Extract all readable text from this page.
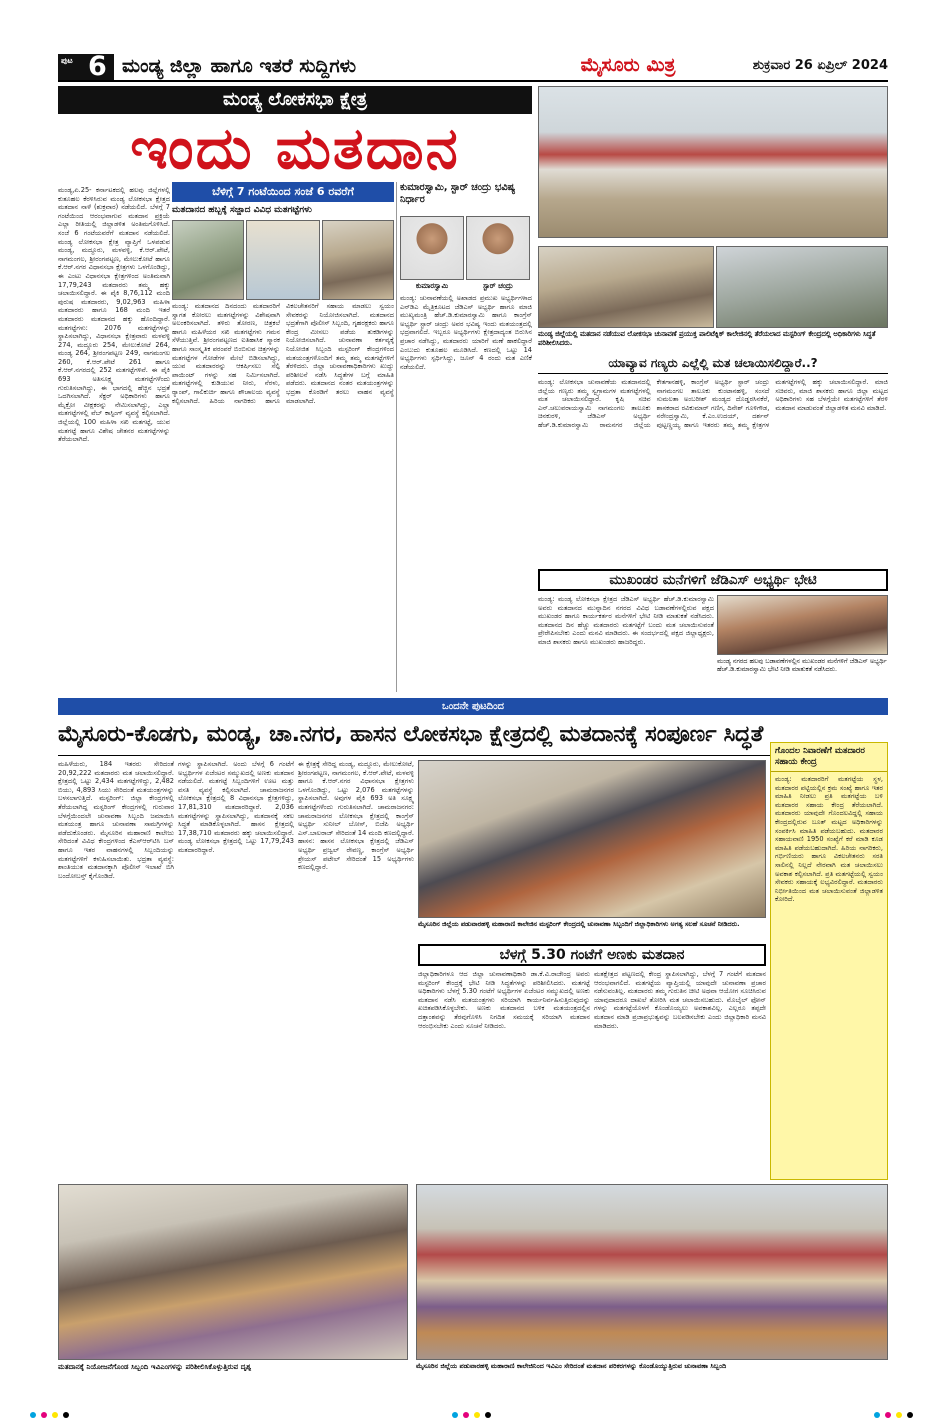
ಪುಟ 6 ಮಂಡ್ಯ ಜಿಲ್ಲಾ ಹಾಗೂ ಇತರೆ ಸುದ್ದಿಗಳು	ಮೈಸೂರು ಮಿತ್ರ	ಶುಕ್ರವಾರ 26 ಏಪ್ರಿಲ್ 2024
ಮಂಡ್ಯ ಲೋಕಸಭಾ ಕ್ಷೇತ್ರ
ಇಂದು ಮತದಾನ
ಮಂಡ್ಯ,ಏ.25- ಕರ್ನಾಟಕದಲ್ಲಿ ಹಲವು ಜಿಲ್ಲೆಗಳಲ್ಲಿ ಕುತೂಹಲ ಕೆರಳಿಸಿರುವ ಮಂಡ್ಯ ಲೋಕಸಭಾ ಕ್ಷೇತ್ರದ ಮತದಾನ ನಾಳೆ (ಶುಕ್ರವಾರ) ನಡೆಯಲಿದೆ. ಬೆಳಗ್ಗೆ 7 ಗಂಟೆಯಿಂದ ಆರಂಭವಾಗುವ ಮತದಾನ ಪ್ರಕ್ರಿಯೆ ಎಲ್ಲಾ ರೀತಿಯಲ್ಲಿ ಜಿಲ್ಲಾಡಳಿತ ಅಂತಿಮಗೊಳಿಸಿದೆ. ಸಂಜೆ 6 ಗಂಟೆಯವರೆಗೆ ಮತದಾನ ನಡೆಯಲಿದೆ. ಮಂಡ್ಯ ಲೋಕಸಭಾ ಕ್ಷೇತ್ರ ವ್ಯಾಪ್ತಿಗೆ ಒಳಪಡುವ ಮಂಡ್ಯ, ಮದ್ದೂರು, ಮಳವಳ್ಳಿ, ಕೆ.ಆರ್.ಪೇಟೆ, ನಾಗಮಂಗಲ, ಶ್ರೀರಂಗಪಟ್ಟಣ, ಮೇಲುಕೋಟೆ ಹಾಗೂ ಕೆ.ಆರ್.ನಗರ ವಿಧಾನಸಭಾ ಕ್ಷೇತ್ರಗಳು ಒಳಗೊಂಡಿದ್ದು, ಈ ಎಂಟು ವಿಧಾನಸಭಾ ಕ್ಷೇತ್ರಗಳಿಂದ ಅಂತಿಮವಾಗಿ 17,79,243 ಮತದಾರರು ತಮ್ಮ ಹಕ್ಕು ಚಲಾಯಿಸಲಿದ್ದಾರೆ. ಈ ಪೈಕಿ 8,76,112 ಮಂದಿ ಪುರುಷ ಮತದಾರರು, 9,02,963 ಮಹಿಳಾ ಮತದಾರರು ಹಾಗೂ 168 ಮಂದಿ ಇತರೆ ಮತದಾರರು ಮತದಾನದ ಹಕ್ಕು ಹೊಂದಿದ್ದಾರೆ. ಮತಗಟ್ಟೆಗಳು: 2076 ಮತಗಟ್ಟೆಗಳನ್ನು ಸ್ಥಾಪಿಸಲಾಗಿದ್ದು, ವಿಧಾನಸಭಾ ಕ್ಷೇತ್ರವಾರು ಮಳವಳ್ಳಿ 274, ಮದ್ದೂರು 254, ಮೇಲುಕೋಟೆ 264, ಮಂಡ್ಯ 264, ಶ್ರೀರಂಗಪಟ್ಟಣ 249, ನಾಗಮಂಗಲ 260, ಕೆ.ಆರ್.ಪೇಟೆ 261 ಹಾಗೂ ಕೆ.ಆರ್.ನಗರದಲ್ಲಿ 252 ಮತಗಟ್ಟೆಗಳಿವೆ. ಈ ಪೈಕಿ 693 ಅತಿಸೂಕ್ಷ್ಮ ಮತಗಟ್ಟೆಗಳೆಂದು ಗುರುತಿಸಲಾಗಿದ್ದು, ಈ ಭಾಗದಲ್ಲಿ ಹೆಚ್ಚಿನ ಭದ್ರತೆ ಒದಗಿಸಲಾಗಿದೆ. ಸೆಕ್ಟರ್ ಅಧಿಕಾರಿಗಳು ಹಾಗೂ ಮೈಕ್ರೋ ವೀಕ್ಷಕರನ್ನು ನೇಮಿಸಲಾಗಿದ್ದು, ಎಲ್ಲಾ ಮತಗಟ್ಟೆಗಳಲ್ಲಿ ವೆಬ್ ಕಾಸ್ಟಿಂಗ್ ವ್ಯವಸ್ಥೆ ಕಲ್ಪಿಸಲಾಗಿದೆ. ಜಿಲ್ಲೆಯಲ್ಲಿ 100 ಮಹಿಳಾ ಸಖಿ ಮತಗಟ್ಟೆ, ಯುವ ಮತಗಟ್ಟೆ ಹಾಗೂ ವಿಶೇಷ ಚೇತನರ ಮತಗಟ್ಟೆಗಳನ್ನು ತೆರೆಯಲಾಗಿದೆ.
ಬೆಳಿಗ್ಗೆ 7 ಗಂಟೆಯಿಂದ ಸಂಜೆ 6 ರವರೆಗೆ
ಮತದಾನದ ಹಬ್ಬಕ್ಕೆ ಸಜ್ಜಾದ ವಿವಿಧ ಮತಗಟ್ಟೆಗಳು
ಮಂಡ್ಯ: ಮತದಾನದ ದಿನದಂದು ಮತದಾರರಿಗೆ ಸ್ವಾಗತ ಕೋರಲು ಮತಗಟ್ಟೆಗಳನ್ನು ವಿಶೇಷವಾಗಿ ಅಲಂಕರಿಸಲಾಗಿದೆ. ತಳಿರು ತೋರಣ, ಚಿತ್ರಕಲೆ ಹಾಗೂ ಮಹಿಳೆಯರ ಸಖಿ ಮತಗಟ್ಟೆಗಳು ಗಮನ ಸೆಳೆಯುತ್ತಿವೆ. ಶ್ರೀರಂಗಪಟ್ಟಣದ ಐತಿಹಾಸಿಕ ಸ್ಮಾರಕ ಹಾಗೂ ಸಾಂಸ್ಕೃತಿಕ ಪರಂಪರೆ ಬಿಂಬಿಸುವ ಚಿತ್ರಗಳನ್ನು ಮತಗಟ್ಟೆಗಳ ಗೋಡೆಗಳ ಮೇಲೆ ಬಿಡಿಸಲಾಗಿದ್ದು, ಯುವ ಮತದಾರರನ್ನು ಆಕರ್ಷಿಸಲು ಸೆಲ್ಫಿ ಪಾಯಿಂಟ್ ಗಳನ್ನು ಸಹ ನಿರ್ಮಿಸಲಾಗಿದೆ. ಮತಗಟ್ಟೆಗಳಲ್ಲಿ ಕುಡಿಯುವ ನೀರು, ನೆರಳು, ರ‍್ಯಾಂಪ್, ಗಾಲಿಕುರ್ಚಿ ಹಾಗೂ ಶೌಚಾಲಯ ವ್ಯವಸ್ಥೆ ಕಲ್ಪಿಸಲಾಗಿದೆ. ಹಿರಿಯ ನಾಗರಿಕರು ಹಾಗೂ ವಿಕಲಚೇತನರಿಗೆ ಸಹಾಯ ಮಾಡಲು ಸ್ವಯಂ ಸೇವಕರನ್ನು ನಿಯೋಜಿಸಲಾಗಿದೆ. ಮತದಾನದ ಭದ್ರತೆಗಾಗಿ ಪೊಲೀಸ್ ಸಿಬ್ಬಂದಿ, ಗೃಹರಕ್ಷಕರು ಹಾಗೂ ಕೇಂದ್ರ ಮೀಸಲು ಪಡೆಯ ತುಕಡಿಗಳನ್ನು ನಿಯೋಜಿಸಲಾಗಿದೆ. ಚುನಾವಣಾ ಕರ್ತವ್ಯಕ್ಕೆ ನಿಯೋಜಿತ ಸಿಬ್ಬಂದಿ ಮಸ್ಟರಿಂಗ್ ಕೇಂದ್ರಗಳಿಂದ ಮತಯಂತ್ರಗಳೊಂದಿಗೆ ತಮ್ಮ ತಮ್ಮ ಮತಗಟ್ಟೆಗಳಿಗೆ ತೆರಳಿದರು. ಜಿಲ್ಲಾ ಚುನಾವಣಾಧಿಕಾರಿಗಳು ಖುದ್ದು ಪರಿಶೀಲನೆ ನಡೆಸಿ ಸಿದ್ಧತೆಗಳ ಬಗ್ಗೆ ಮಾಹಿತಿ ಪಡೆದರು. ಮತದಾನದ ನಂತರ ಮತಯಂತ್ರಗಳನ್ನು ಭದ್ರತಾ ಕೊಠಡಿಗೆ ತರಲು ವಾಹನ ವ್ಯವಸ್ಥೆ ಮಾಡಲಾಗಿದೆ.
ಕುಮಾರಸ್ವಾಮಿ, ಸ್ಟಾರ್ ಚಂದ್ರು ಭವಿಷ್ಯ ನಿರ್ಧಾರ
ಕುಮಾರಸ್ವಾಮಿ	ಸ್ಟಾರ್ ಚಂದ್ರು
ಮಂಡ್ಯ: ಚುನಾವಣೆಯಲ್ಲಿ ಅಖಾಡದ ಪ್ರಮುಖ ಅಭ್ಯರ್ಥಿಗಳಾದ ಎನ್‌ಡಿಎ ಮೈತ್ರಿಕೂಟದ ಜೆಡಿಎಸ್ ಅಭ್ಯರ್ಥಿ ಹಾಗೂ ಮಾಜಿ ಮುಖ್ಯಮಂತ್ರಿ ಹೆಚ್.ಡಿ.ಕುಮಾರಸ್ವಾಮಿ ಹಾಗೂ ಕಾಂಗ್ರೆಸ್ ಅಭ್ಯರ್ಥಿ ಸ್ಟಾರ್ ಚಂದ್ರು ಅವರ ಭವಿಷ್ಯ ಇಂದು ಮತಯಂತ್ರದಲ್ಲಿ ಭದ್ರವಾಗಲಿದೆ. ಇಬ್ಬರೂ ಅಭ್ಯರ್ಥಿಗಳು ಕ್ಷೇತ್ರದಾದ್ಯಂತ ಬಿರುಸಿನ ಪ್ರಚಾರ ನಡೆಸಿದ್ದು, ಮತದಾರರು ಯಾರಿಗೆ ಮಣೆ ಹಾಕಲಿದ್ದಾರೆ ಎಂಬುದು ಕುತೂಹಲ ಮೂಡಿಸಿದೆ. ಕಣದಲ್ಲಿ ಒಟ್ಟು 14 ಅಭ್ಯರ್ಥಿಗಳು ಸ್ಪರ್ಧಿಸಿದ್ದು, ಜೂನ್ 4 ರಂದು ಮತ ಎಣಿಕೆ ನಡೆಯಲಿದೆ.
ಮಂಡ್ಯ ಜಿಲ್ಲೆಯಲ್ಲಿ ಮತದಾನ ನಡೆಯುವ ಲೋಕಸಭಾ ಚುನಾವಣೆ ಪ್ರಯುಕ್ತ ಪಾಲಿಟೆಕ್ನಿಕ್ ಕಾಲೇಜಿನಲ್ಲಿ ತೆರೆಯಲಾದ ಮಸ್ಟರಿಂಗ್ ಕೇಂದ್ರದಲ್ಲಿ ಅಧಿಕಾರಿಗಳು ಸಿದ್ಧತೆ ಪರಿಶೀಲಿಸಿದರು.
ಯಾವ್ಯಾವ ಗಣ್ಯರು ಎಲ್ಲೆಲ್ಲಿ ಮತ ಚಲಾಯಿಸಲಿದ್ದಾರೆ..?
ಮಂಡ್ಯ: ಲೋಕಸಭಾ ಚುನಾವಣೆಯ ಮತದಾನದಲ್ಲಿ ಜಿಲ್ಲೆಯ ಗಣ್ಯರು ತಮ್ಮ ಸ್ವಗ್ರಾಮಗಳ ಮತಗಟ್ಟೆಗಳಲ್ಲಿ ಮತ ಚಲಾಯಿಸಲಿದ್ದಾರೆ. ಕೃಷಿ ಸಚಿವ ಎನ್.ಚಲುವರಾಯಸ್ವಾಮಿ ನಾಗಮಂಗಲ ತಾಲೂಕು ಚಿನಕುರಳಿ, ಜೆಡಿಎಸ್ ಅಭ್ಯರ್ಥಿ ಹೆಚ್.ಡಿ.ಕುಮಾರಸ್ವಾಮಿ ರಾಮನಗರ ಜಿಲ್ಲೆಯ ಕೇತಗಾನಹಳ್ಳಿ, ಕಾಂಗ್ರೆಸ್ ಅಭ್ಯರ್ಥಿ ಸ್ಟಾರ್ ಚಂದ್ರು ನಾಗಮಂಗಲ ತಾಲೂಕು ಕುಂಟಾನಹಳ್ಳಿ, ಸಂಸದೆ ಸುಮಲತಾ ಅಂಬರೀಶ್ ಮಂಡ್ಯದ ದೊಡ್ಡರಸಿನಕೆರೆ, ಶಾಸಕರಾದ ರವಿಕುಮಾರ್ ಗಣಿಗ, ದಿನೇಶ್ ಗೂಳಿಗೌಡ, ನರೇಂದ್ರಸ್ವಾಮಿ, ಕೆ.ಎಂ.ಉದಯ್, ದರ್ಶನ್ ಪುಟ್ಟಣ್ಣಯ್ಯ ಹಾಗೂ ಇತರರು ತಮ್ಮ ತಮ್ಮ ಕ್ಷೇತ್ರಗಳ ಮತಗಟ್ಟೆಗಳಲ್ಲಿ ಹಕ್ಕು ಚಲಾಯಿಸಲಿದ್ದಾರೆ. ಮಾಜಿ ಸಚಿವರು, ಮಾಜಿ ಶಾಸಕರು ಹಾಗೂ ಜಿಲ್ಲಾ ಮಟ್ಟದ ಅಧಿಕಾರಿಗಳು ಸಹ ಬೆಳಗ್ಗೆಯೇ ಮತಗಟ್ಟೆಗಳಿಗೆ ತೆರಳಿ ಮತದಾನ ಮಾಡುವಂತೆ ಜಿಲ್ಲಾಡಳಿತ ಮನವಿ ಮಾಡಿದೆ.
ಮುಖಂಡರ ಮನೆಗಳಿಗೆ ಜೆಡಿಎಸ್ ಅಭ್ಯರ್ಥಿ ಭೇಟಿ
ಮಂಡ್ಯ: ಮಂಡ್ಯ ಲೋಕಸಭಾ ಕ್ಷೇತ್ರದ ಜೆಡಿಎಸ್ ಅಭ್ಯರ್ಥಿ ಹೆಚ್.ಡಿ.ಕುಮಾರಸ್ವಾಮಿ ಅವರು ಮತದಾನದ ಮುನ್ನಾದಿನ ನಗರದ ವಿವಿಧ ಬಡಾವಣೆಗಳಲ್ಲಿರುವ ಪಕ್ಷದ ಮುಖಂಡರ ಹಾಗೂ ಕಾರ್ಯಕರ್ತರ ಮನೆಗಳಿಗೆ ಭೇಟಿ ನೀಡಿ ಮಾತುಕತೆ ನಡೆಸಿದರು. ಮತದಾನದ ದಿನ ಹೆಚ್ಚು ಮತದಾರರು ಮತಗಟ್ಟೆಗೆ ಬಂದು ಮತ ಚಲಾಯಿಸುವಂತೆ ಪ್ರೇರೇಪಿಸಬೇಕು ಎಂದು ಮನವಿ ಮಾಡಿದರು. ಈ ಸಂದರ್ಭದಲ್ಲಿ ಪಕ್ಷದ ಜಿಲ್ಲಾಧ್ಯಕ್ಷರು, ಮಾಜಿ ಶಾಸಕರು ಹಾಗೂ ಮುಖಂಡರು ಹಾಜರಿದ್ದರು.
ಮಂಡ್ಯ ನಗರದ ಹಲವು ಬಡಾವಣೆಗಳಲ್ಲಿನ ಮುಖಂಡರ ಮನೆಗಳಿಗೆ ಜೆಡಿಎಸ್ ಅಭ್ಯರ್ಥಿ ಹೆಚ್.ಡಿ.ಕುಮಾರಸ್ವಾಮಿ ಭೇಟಿ ನೀಡಿ ಮಾತುಕತೆ ನಡೆಸಿದರು.
ಒಂದನೇ ಪುಟದಿಂದ
ಮೈಸೂರು-ಕೊಡಗು, ಮಂಡ್ಯ, ಚಾ.ನಗರ, ಹಾಸನ ಲೋಕಸಭಾ ಕ್ಷೇತ್ರದಲ್ಲಿ ಮತದಾನಕ್ಕೆ ಸಂಪೂರ್ಣ ಸಿದ್ಧತೆ
ಮಹಿಳೆಯರು, 184 ಇತರರು ಸೇರಿದಂತೆ 20,92,222 ಮತದಾರರು ಮತ ಚಲಾಯಿಸಲಿದ್ದಾರೆ. ಕ್ಷೇತ್ರದಲ್ಲಿ ಒಟ್ಟು 2,434 ಮತಗಟ್ಟೆಗಳಿದ್ದು, 2,482 ಬಿಯು, 4,893 ಸಿಯು ಸೇರಿದಂತೆ ಮತಯಂತ್ರಗಳನ್ನು ಬಳಸಲಾಗುತ್ತಿದೆ. ಮಸ್ಟರಿಂಗ್: ಜಿಲ್ಲಾ ಕೇಂದ್ರಗಳಲ್ಲಿ ತೆರೆಯಲಾಗಿದ್ದ ಮಸ್ಟರಿಂಗ್ ಕೇಂದ್ರಗಳಲ್ಲಿ ಗುರುವಾರ ಬೆಳಗ್ಗೆಯಿಂದಲೇ ಚುನಾವಣಾ ಸಿಬ್ಬಂದಿ ಜಮಾಯಿಸಿ ಮತಯಂತ್ರ ಹಾಗೂ ಚುನಾವಣಾ ಸಾಮಗ್ರಿಗಳನ್ನು ಪಡೆದುಕೊಂಡರು. ಮೈಸೂರಿನ ಮಹಾರಾಣಿ ಕಾಲೇಜು ಸೇರಿದಂತೆ ವಿವಿಧ ಕೇಂದ್ರಗಳಿಂದ ಕೆಎಸ್‌ಆರ್‌ಟಿಸಿ ಬಸ್ ಹಾಗೂ ಇತರ ವಾಹನಗಳಲ್ಲಿ ಸಿಬ್ಬಂದಿಯನ್ನು ಮತಗಟ್ಟೆಗಳಿಗೆ ಕಳುಹಿಸಲಾಯಿತು. ಭದ್ರತಾ ವ್ಯವಸ್ಥೆ: ಶಾಂತಿಯುತ ಮತದಾನಕ್ಕಾಗಿ ಪೊಲೀಸ್ ಇಲಾಖೆ ಬಿಗಿ ಬಂದೋಬಸ್ತ್ ಕೈಗೊಂಡಿದೆ.
ಗಳನ್ನು ಸ್ಥಾಪಿಸಲಾಗಿದೆ. ಅಂದು ಬೆಳಗ್ಗೆ 6 ಗಂಟೆಗೆ ಅಭ್ಯರ್ಥಿಗಳ ಏಜೆಂಟರ ಸಮ್ಮುಖದಲ್ಲಿ ಅಣಕು ಮತದಾನ ನಡೆಯಲಿದೆ. ಮತಗಟ್ಟೆ ಸಿಬ್ಬಂದಿಗಳಿಗೆ ಊಟ ಮತ್ತು ವಸತಿ ವ್ಯವಸ್ಥೆ ಕಲ್ಪಿಸಲಾಗಿದೆ. ಚಾಮರಾಜನಗರ ಲೋಕಸಭಾ ಕ್ಷೇತ್ರದಲ್ಲಿ 8 ವಿಧಾನಸಭಾ ಕ್ಷೇತ್ರಗಳಿದ್ದು, 17,81,310 ಮತದಾರರಿದ್ದಾರೆ. 2,036 ಮತಗಟ್ಟೆಗಳನ್ನು ಸ್ಥಾಪಿಸಲಾಗಿದ್ದು, ಮತದಾನಕ್ಕೆ ಸಕಲ ಸಿದ್ಧತೆ ಮಾಡಿಕೊಳ್ಳಲಾಗಿದೆ. ಹಾಸನ ಕ್ಷೇತ್ರದಲ್ಲಿ 17,38,710 ಮತದಾರರು ಹಕ್ಕು ಚಲಾಯಿಸಲಿದ್ದಾರೆ. ಮಂಡ್ಯ ಲೋಕಸಭಾ ಕ್ಷೇತ್ರದಲ್ಲಿ ಒಟ್ಟು 17,79,243 ಮತದಾರರಿದ್ದಾರೆ.
ಈ ಕ್ಷೇತ್ರಕ್ಕೆ ಸೇರಿದ್ದ ಮಂಡ್ಯ, ಮದ್ದೂರು, ಮೇಲುಕೋಟೆ, ಶ್ರೀರಂಗಪಟ್ಟಣ, ನಾಗಮಂಗಲ, ಕೆ.ಆರ್.ಪೇಟೆ, ಮಳವಳ್ಳಿ ಹಾಗೂ ಕೆ.ಆರ್.ನಗರ ವಿಧಾನಸಭಾ ಕ್ಷೇತ್ರಗಳು ಒಳಗೊಂಡಿದ್ದು, ಒಟ್ಟು 2,076 ಮತಗಟ್ಟೆಗಳನ್ನು ಸ್ಥಾಪಿಸಲಾಗಿದೆ. ಅವುಗಳ ಪೈಕಿ 693 ಅತಿ ಸೂಕ್ಷ್ಮ ಮತಗಟ್ಟೆಗಳೆಂದು ಗುರುತಿಸಲಾಗಿದೆ. ಚಾಮರಾಜನಗರ: ಚಾಮರಾಜನಗರ ಲೋಕಸಭಾ ಕ್ಷೇತ್ರದಲ್ಲಿ ಕಾಂಗ್ರೆಸ್ ಅಭ್ಯರ್ಥಿ ಸುನೀಲ್ ಬೋಸ್, ಬಿಜೆಪಿ ಅಭ್ಯರ್ಥಿ ಎಸ್.ಬಾಲರಾಜ್ ಸೇರಿದಂತೆ 14 ಮಂದಿ ಕಣದಲ್ಲಿದ್ದಾರೆ. ಹಾಸನ: ಹಾಸನ ಲೋಕಸಭಾ ಕ್ಷೇತ್ರದಲ್ಲಿ ಜೆಡಿಎಸ್ ಅಭ್ಯರ್ಥಿ ಪ್ರಜ್ವಲ್ ರೇವಣ್ಣ, ಕಾಂಗ್ರೆಸ್ ಅಭ್ಯರ್ಥಿ ಶ್ರೇಯಸ್ ಪಟೇಲ್ ಸೇರಿದಂತೆ 15 ಅಭ್ಯರ್ಥಿಗಳು ಕಣದಲ್ಲಿದ್ದಾರೆ.
ಮೈಸೂರಿನ ಜಿಲ್ಲೆಯ ಪಡುವಾರಹಳ್ಳಿ ಮಹಾರಾಣಿ ಕಾಲೇಜಿನ ಮಸ್ಟರಿಂಗ್ ಕೇಂದ್ರದಲ್ಲಿ ಚುನಾವಣಾ ಸಿಬ್ಬಂದಿಗೆ ಜಿಲ್ಲಾಧಿಕಾರಿಗಳು ಅಗತ್ಯ ಸಲಹೆ ಸೂಚನೆ ನೀಡಿದರು.
ಬೆಳಗ್ಗೆ 5.30 ಗಂಟೆಗೆ ಅಣಕು ಮತದಾನ
ಜಿಲ್ಲಾಧಿಕಾರಿಗಳೂ ಆದ ಜಿಲ್ಲಾ ಚುನಾವಣಾಧಿಕಾರಿ ಡಾ.ಕೆ.ವಿ.ರಾಜೇಂದ್ರ ಅವರು ಮಸ್ಟರಿಂಗ್ ಕೇಂದ್ರಕ್ಕೆ ಭೇಟಿ ನೀಡಿ ಸಿದ್ಧತೆಗಳನ್ನು ಪರಿಶೀಲಿಸಿದರು. ಮತಗಟ್ಟೆ ಅಧಿಕಾರಿಗಳು ಬೆಳಗ್ಗೆ 5.30 ಗಂಟೆಗೆ ಅಭ್ಯರ್ಥಿಗಳ ಏಜೆಂಟರ ಸಮ್ಮುಖದಲ್ಲಿ ಅಣಕು ಮತದಾನ ನಡೆಸಿ ಮತಯಂತ್ರಗಳು ಸರಿಯಾಗಿ ಕಾರ್ಯನಿರ್ವಹಿಸುತ್ತಿರುವುದನ್ನು ಖಚಿತಪಡಿಸಿಕೊಳ್ಳಬೇಕು. ಅಣಕು ಮತದಾನದ ಬಳಿಕ ಮತಯಂತ್ರದಲ್ಲಿನ ದತ್ತಾಂಶವನ್ನು ತೆರವುಗೊಳಿಸಿ ನಿಗದಿತ ಸಮಯಕ್ಕೆ ಸರಿಯಾಗಿ ಮತದಾನ ಆರಂಭಿಸಬೇಕು ಎಂದು ಸೂಚನೆ ನೀಡಿದರು.
ಮತಕ್ಷೇತ್ರದ ಪಟ್ಟಣದಲ್ಲಿ ಕೇಂದ್ರ ಸ್ಥಾಪಿಸಲಾಗಿದ್ದು, ಬೆಳಗ್ಗೆ 7 ಗಂಟೆಗೆ ಮತದಾನ ಆರಂಭವಾಗಲಿದೆ. ಮತಗಟ್ಟೆಯ ವ್ಯಾಪ್ತಿಯಲ್ಲಿ ಯಾವುದೇ ಚುನಾವಣಾ ಪ್ರಚಾರ ನಡೆಸುವಂತಿಲ್ಲ. ಮತದಾರರು ತಮ್ಮ ಗುರುತಿನ ಚೀಟಿ ಅಥವಾ ಆಯೋಗ ಸೂಚಿಸಿರುವ ಯಾವುದಾದರೂ ದಾಖಲೆ ತೋರಿಸಿ ಮತ ಚಲಾಯಿಸಬಹುದು. ಮೊಬೈಲ್ ಫೋನ್ ಗಳನ್ನು ಮತಗಟ್ಟೆಯೊಳಗೆ ಕೊಂಡೊಯ್ಯಲು ಅವಕಾಶವಿಲ್ಲ. ಎಲ್ಲರೂ ತಪ್ಪದೇ ಮತದಾನ ಮಾಡಿ ಪ್ರಜಾಪ್ರಭುತ್ವವನ್ನು ಬಲಪಡಿಸಬೇಕು ಎಂದು ಜಿಲ್ಲಾಧಿಕಾರಿ ಮನವಿ ಮಾಡಿದರು.
ಗೊಂದಲ ನಿವಾರಣೆಗೆ ಮತದಾರರ ಸಹಾಯ ಕೇಂದ್ರ
ಮಂಡ್ಯ: ಮತದಾರರಿಗೆ ಮತಗಟ್ಟೆಯ ಸ್ಥಳ, ಮತದಾರರ ಪಟ್ಟಿಯಲ್ಲಿನ ಕ್ರಮ ಸಂಖ್ಯೆ ಹಾಗೂ ಇತರ ಮಾಹಿತಿ ನೀಡಲು ಪ್ರತಿ ಮತಗಟ್ಟೆಯ ಬಳಿ ಮತದಾರರ ಸಹಾಯ ಕೇಂದ್ರ ತೆರೆಯಲಾಗಿದೆ. ಮತದಾರರು ಯಾವುದೇ ಗೊಂದಲವಿದ್ದಲ್ಲಿ ಸಹಾಯ ಕೇಂದ್ರದಲ್ಲಿರುವ ಬೂತ್ ಮಟ್ಟದ ಅಧಿಕಾರಿಗಳನ್ನು ಸಂಪರ್ಕಿಸಿ ಮಾಹಿತಿ ಪಡೆಯಬಹುದು. ಮತದಾರರ ಸಹಾಯವಾಣಿ 1950 ಸಂಖ್ಯೆಗೆ ಕರೆ ಮಾಡಿ ಕೂಡ ಮಾಹಿತಿ ಪಡೆಯಬಹುದಾಗಿದೆ. ಹಿರಿಯ ನಾಗರಿಕರು, ಗರ್ಭಿಣಿಯರು ಹಾಗೂ ವಿಕಲಚೇತನರು ಸರತಿ ಸಾಲಿನಲ್ಲಿ ನಿಲ್ಲದೆ ನೇರವಾಗಿ ಮತ ಚಲಾಯಿಸಲು ಅವಕಾಶ ಕಲ್ಪಿಸಲಾಗಿದೆ. ಪ್ರತಿ ಮತಗಟ್ಟೆಯಲ್ಲಿ ಸ್ವಯಂ ಸೇವಕರು ಸಹಾಯಕ್ಕೆ ಲಭ್ಯವಿರಲಿದ್ದಾರೆ. ಮತದಾರರು ನಿರ್ಭೀತಿಯಿಂದ ಮತ ಚಲಾಯಿಸುವಂತೆ ಜಿಲ್ಲಾಡಳಿತ ಕೋರಿದೆ.
ಮತದಾನಕ್ಕೆ ನಿಯೋಜನೆಗೊಂಡ ಸಿಬ್ಬಂದಿ ಇವಿಎಂಗಳನ್ನು ಪರಿಶೀಲಿಸಿಕೊಳ್ಳುತ್ತಿರುವ ದೃಶ್ಯ	ಮೈಸೂರಿನ ಜಿಲ್ಲೆಯ ಪಡುವಾರಹಳ್ಳಿ ಮಹಾರಾಣಿ ಕಾಲೇಜಿನಿಂದ ಇವಿಎಂ ಸೇರಿದಂತೆ ಮತದಾನ ಪರಿಕರಗಳನ್ನು ಕೊಂಡೊಯ್ಯುತ್ತಿರುವ ಚುನಾವಣಾ ಸಿಬ್ಬಂದಿ
